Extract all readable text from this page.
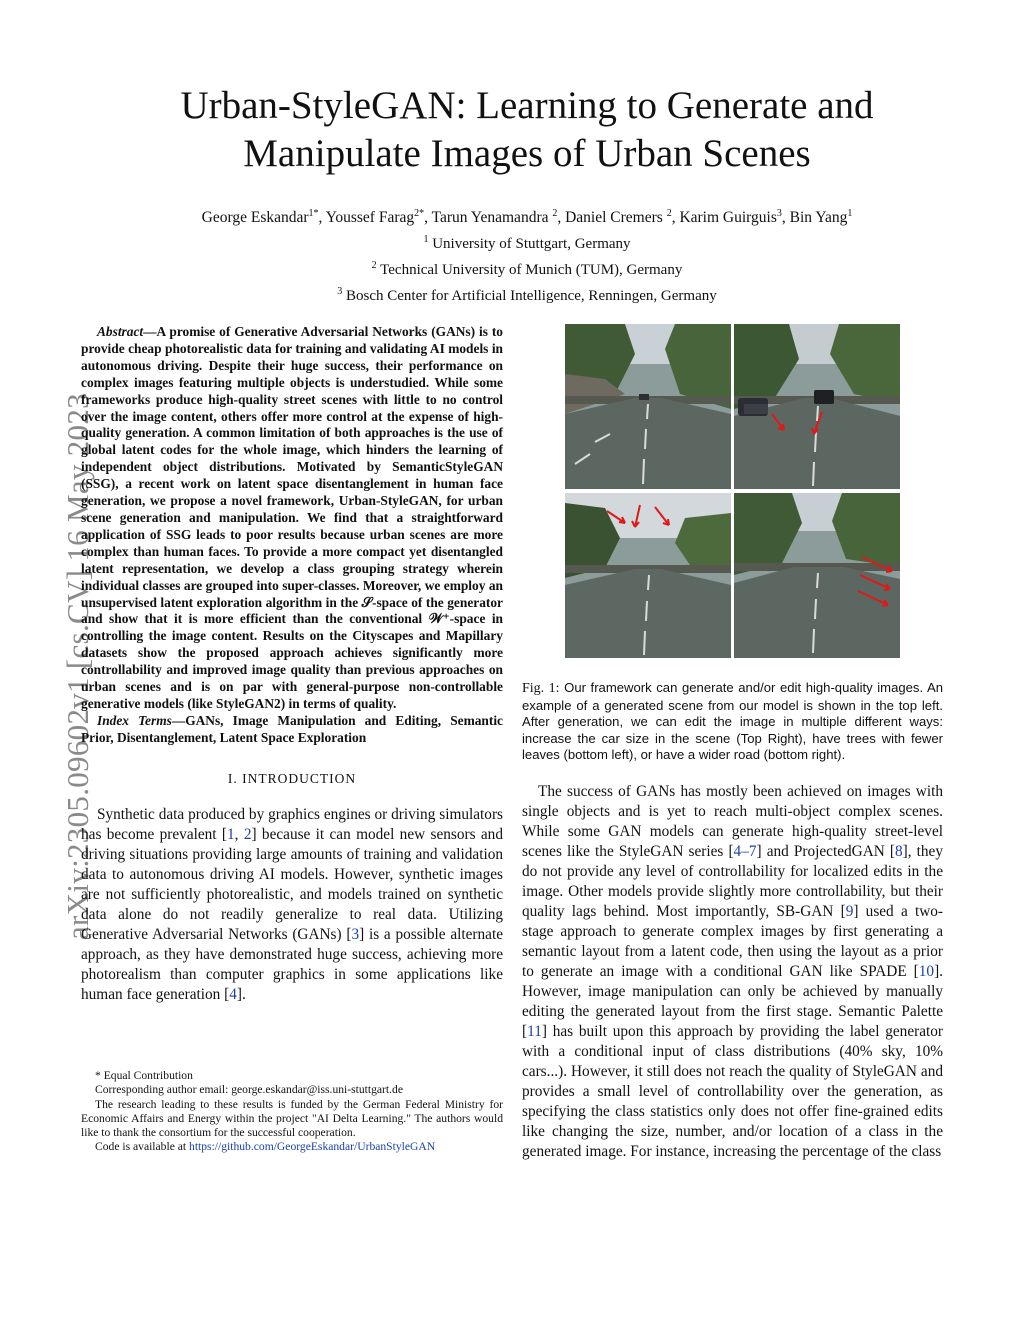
arXiv:2305.09602v1 [cs.CV] 16 May 2023
Urban-StyleGAN: Learning to Generate and
Manipulate Images of Urban Scenes
George Eskandar$^{1*}$, Youssef Farag$^{2*}$, Tarun Yenamandra $^2$, Daniel Cremers $^2$, Karim Guirguis$^3$, Bin Yang$^1$
$^1$ University of Stuttgart, Germany
$^2$ Technical University of Munich (TUM), Germany
$^3$ Bosch Center for Artificial Intelligence, Renningen, Germany

Abstract—A promise of Generative Adversarial Networks (GANs) is to provide cheap photorealistic data for training and validating AI models in autonomous driving. Despite their huge success, their performance on complex images featuring multiple objects is understudied. While some frameworks produce high-quality street scenes with little to no control over the image content, others offer more control at the expense of high-quality generation. A common limitation of both approaches is the use of global latent codes for the whole image, which hinders the learning of independent object distributions. Motivated by SemanticStyleGAN (SSG), a recent work on latent space disentanglement in human face generation, we propose a novel framework, Urban-StyleGAN, for urban scene generation and manipulation. We find that a straightforward application of SSG leads to poor results because urban scenes are more complex than human faces. To provide a more compact yet disentangled latent representation, we develop a class grouping strategy wherein individual classes are grouped into super-classes. Moreover, we employ an unsupervised latent exploration algorithm in the 𝒮-space of the generator and show that it is more efficient than the conventional 𝒲⁺-space in controlling the image content. Results on the Cityscapes and Mapillary datasets show the proposed approach achieves significantly more controllability and improved image quality than previous approaches on urban scenes and is on par with general-purpose non-controllable generative models (like StyleGAN2) in terms of quality.

Index Terms—GANs, Image Manipulation and Editing, Semantic Prior, Disentanglement, Latent Space Exploration

I. INTRODUCTION

Synthetic data produced by graphics engines or driving simulators has become prevalent [1, 2] because it can model new sensors and driving situations providing large amounts of training and validation data to autonomous driving AI models. However, synthetic images are not sufficiently photorealistic, and models trained on synthetic data alone do not readily generalize to real data. Utilizing Generative Adversarial Networks (GANs) [3] is a possible alternate approach, as they have demonstrated huge success, achieving more photorealism than computer graphics in some applications like human face generation [4].

* Equal Contribution

Corresponding author email: george.eskandar@iss.uni-stuttgart.de

The research leading to these results is funded by the German Federal Ministry for Economic Affairs and Energy within the project "AI Delta Learning." The authors would like to thank the consortium for the successful cooperation.

Code is available at https://github.com/GeorgeEskandar/UrbanStyleGAN

Fig. 1: Our framework can generate and/or edit high-quality images. An example of a generated scene from our model is shown in the top left. After generation, we can edit the image in multiple different ways: increase the car size in the scene (Top Right), have trees with fewer leaves (bottom left), or have a wider road (bottom right).

The success of GANs has mostly been achieved on images with single objects and is yet to reach multi-object complex scenes. While some GAN models can generate high-quality street-level scenes like the StyleGAN series [4–7] and ProjectedGAN [8], they do not provide any level of controllability for localized edits in the image. Other models provide slightly more controllability, but their quality lags behind. Most importantly, SB-GAN [9] used a two-stage approach to generate complex images by first generating a semantic layout from a latent code, then using the layout as a prior to generate an image with a conditional GAN like SPADE [10]. However, image manipulation can only be achieved by manually editing the generated layout from the first stage. Semantic Palette [11] has built upon this approach by providing the label generator with a conditional input of class distributions (40% sky, 10% cars...). However, it still does not reach the quality of StyleGAN and provides a small level of controllability over the generation, as specifying the class statistics only does not offer fine-grained edits like changing the size, number, and/or location of a class in the generated image. For instance, increasing the percentage of the class
